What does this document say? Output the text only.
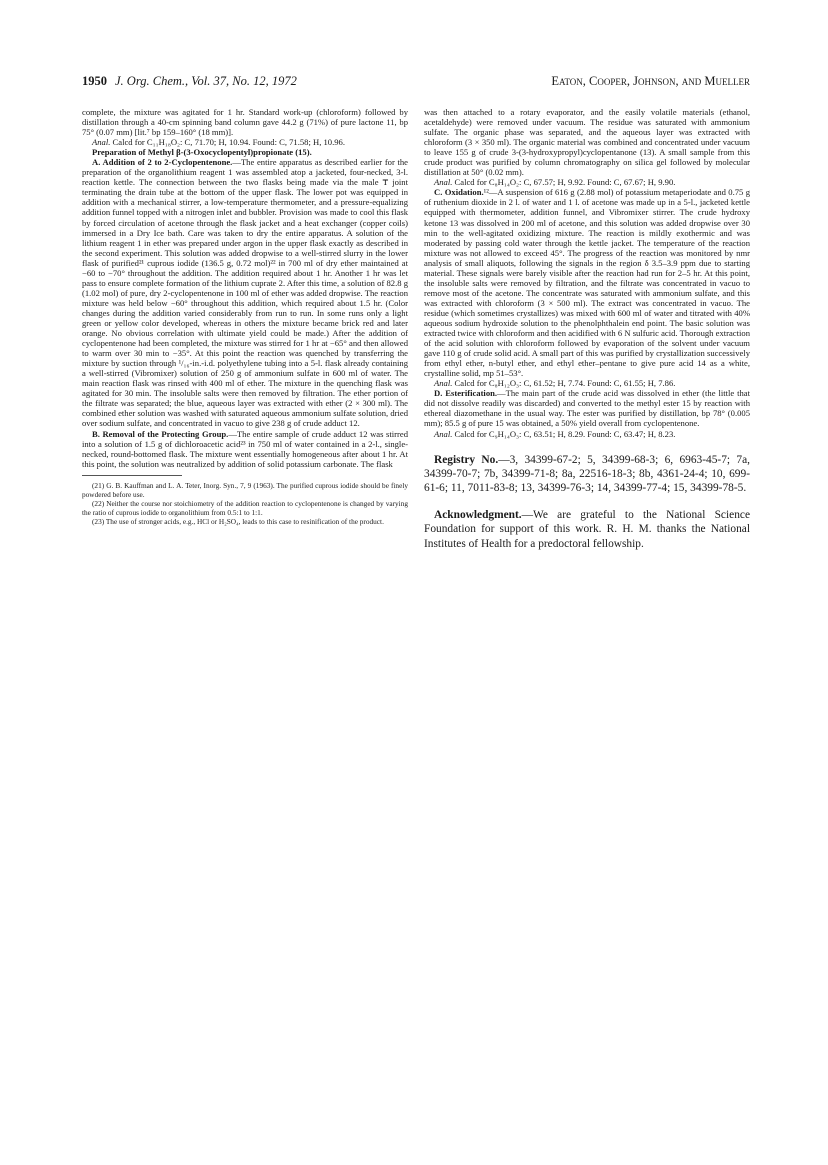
1950 J. Org. Chem., Vol. 37, No. 12, 1972	Eaton, Cooper, Johnson, and Mueller

complete, the mixture was agitated for 1 hr. Standard work-up (chloroform) followed by distillation through a 40-cm spinning band column gave 44.2 g (71%) of pure lactone 11, bp 75° (0.07 mm) [lit.⁷ bp 159–160° (18 mm)].

Anal. Calcd for C₁₁H₁₈O₂: C, 71.70; H, 10.94. Found: C, 71.58; H, 10.96.

Preparation of Methyl β-(3-Oxocyclopentyl)propionate (15).

A. Addition of 2 to 2-Cyclopentenone.—The entire apparatus as described earlier for the preparation of the organolithium reagent 1 was assembled atop a jacketed, four-necked, 3-l. reaction kettle. The connection between the two flasks being made via the male ₸ joint terminating the drain tube at the bottom of the upper flask. The lower pot was equipped in addition with a mechanical stirrer, a low-temperature thermometer, and a pressure-equalizing addition funnel topped with a nitrogen inlet and bubbler. Provision was made to cool this flask by forced circulation of acetone through the flask jacket and a heat exchanger (copper coils) immersed in a Dry Ice bath. Care was taken to dry the entire apparatus. A solution of the lithium reagent 1 in ether was prepared under argon in the upper flask exactly as described in the second experiment. This solution was added dropwise to a well-stirred slurry in the lower flask of purified²¹ cuprous iodide (136.5 g, 0.72 mol)²² in 700 ml of dry ether maintained at −60 to −70° throughout the addition. The addition required about 1 hr. Another 1 hr was let pass to ensure complete formation of the lithium cuprate 2. After this time, a solution of 82.8 g (1.02 mol) of pure, dry 2-cyclopentenone in 100 ml of ether was added dropwise. The reaction mixture was held below −60° throughout this addition, which required about 1.5 hr. (Color changes during the addition varied considerably from run to run. In some runs only a light green or yellow color developed, whereas in others the mixture became brick red and later orange. No obvious correlation with ultimate yield could be made.) After the addition of cyclopentenone had been completed, the mixture was stirred for 1 hr at −65° and then allowed to warm over 30 min to −35°. At this point the reaction was quenched by transferring the mixture by suction through ¹/₁₆-in.-i.d. polyethylene tubing into a 5-l. flask already containing a well-stirred (Vibromixer) solution of 250 g of ammonium sulfate in 600 ml of water. The main reaction flask was rinsed with 400 ml of ether. The mixture in the quenching flask was agitated for 30 min. The insoluble salts were then removed by filtration. The ether portion of the filtrate was separated; the blue, aqueous layer was extracted with ether (2 × 300 ml). The combined ether solution was washed with saturated aqueous ammonium sulfate solution, dried over sodium sulfate, and concentrated in vacuo to give 238 g of crude adduct 12.

B. Removal of the Protecting Group.—The entire sample of crude adduct 12 was stirred into a solution of 1.5 g of dichloroacetic acid²³ in 750 ml of water contained in a 2-l., single-necked, round-bottomed flask. The mixture went essentially homogeneous after about 1 hr. At this point, the solution was neutralized by addition of solid potassium carbonate. The flask

(21) G. B. Kauffman and L. A. Teter, Inorg. Syn., 7, 9 (1963). The purified cuprous iodide should be finely powdered before use.

(22) Neither the course nor stoichiometry of the addition reaction to cyclopentenone is changed by varying the ratio of cuprous iodide to organolithium from 0.5:1 to 1:1.

(23) The use of stronger acids, e.g., HCl or H₂SO₄, leads to this case to resinification of the product.

was then attached to a rotary evaporator, and the easily volatile materials (ethanol, acetaldehyde) were removed under vacuum. The residue was saturated with ammonium sulfate. The organic phase was separated, and the aqueous layer was extracted with chloroform (3 × 350 ml). The organic material was combined and concentrated under vacuum to leave 155 g of crude 3-(3-hydroxypropyl)cyclopentanone (13). A small sample from this crude product was purified by column chromatography on silica gel followed by molecular distillation at 50° (0.02 mm).

Anal. Calcd for C₈H₁₄O₂: C, 67.57; H, 9.92. Found: C, 67.67; H, 9.90.

C. Oxidation.¹²—A suspension of 616 g (2.88 mol) of potassium metaperiodate and 0.75 g of ruthenium dioxide in 2 l. of water and 1 l. of acetone was made up in a 5-l., jacketed kettle equipped with thermometer, addition funnel, and Vibromixer stirrer. The crude hydroxy ketone 13 was dissolved in 200 ml of acetone, and this solution was added dropwise over 30 min to the well-agitated oxidizing mixture. The reaction is mildly exothermic and was moderated by passing cold water through the kettle jacket. The temperature of the reaction mixture was not allowed to exceed 45°. The progress of the reaction was monitored by nmr analysis of small aliquots, following the signals in the region δ 3.5–3.9 ppm due to starting material. These signals were barely visible after the reaction had run for 2–5 hr. At this point, the insoluble salts were removed by filtration, and the filtrate was concentrated in vacuo to remove most of the acetone. The concentrate was saturated with ammonium sulfate, and this was extracted with chloroform (3 × 500 ml). The extract was concentrated in vacuo. The residue (which sometimes crystallizes) was mixed with 600 ml of water and titrated with 40% aqueous sodium hydroxide solution to the phenolphthalein end point. The basic solution was extracted twice with chloroform and then acidified with 6 N sulfuric acid. Thorough extraction of the acid solution with chloroform followed by evaporation of the solvent under vacuum gave 110 g of crude solid acid. A small part of this was purified by crystallization successively from ethyl ether, n-butyl ether, and ethyl ether–pentane to give pure acid 14 as a white, crystalline solid, mp 51–53°.

Anal. Calcd for C₈H₁₂O₃: C, 61.52; H, 7.74. Found: C, 61.55; H, 7.86.

D. Esterification.—The main part of the crude acid was dissolved in ether (the little that did not dissolve readily was discarded) and converted to the methyl ester 15 by reaction with ethereal diazomethane in the usual way. The ester was purified by distillation, bp 78° (0.005 mm); 85.5 g of pure 15 was obtained, a 50% yield overall from cyclopentenone.

Anal. Calcd for C₉H₁₄O₃: C, 63.51; H, 8.29. Found: C, 63.47; H, 8.23.

Registry No.—3, 34399-67-2; 5, 34399-68-3; 6, 6963-45-7; 7a, 34399-70-7; 7b, 34399-71-8; 8a, 22516-18-3; 8b, 4361-24-4; 10, 699-61-6; 11, 7011-83-8; 13, 34399-76-3; 14, 34399-77-4; 15, 34399-78-5.

Acknowledgment.—We are grateful to the National Science Foundation for support of this work. R. H. M. thanks the National Institutes of Health for a predoctoral fellowship.
